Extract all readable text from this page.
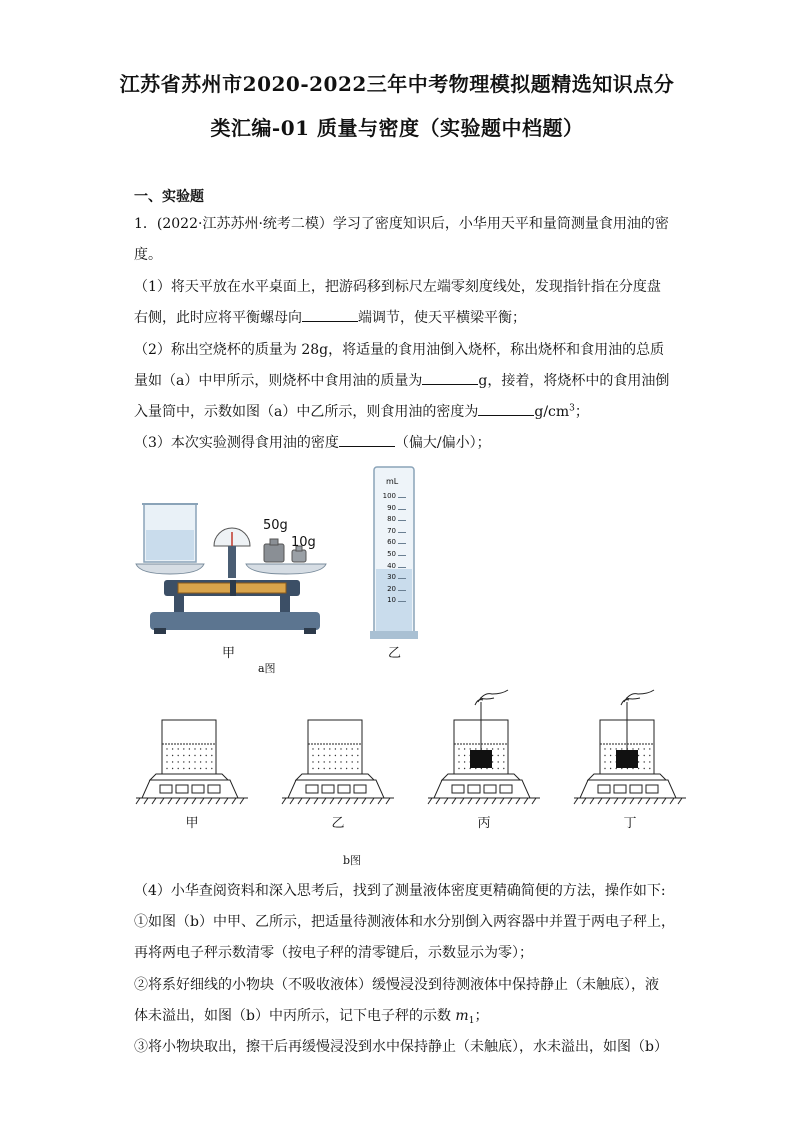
江苏省苏州市2020-2022三年中考物理模拟题精选知识点分
类汇编-01 质量与密度（实验题中档题）
一、实验题
1．(2022·江苏苏州·统考二模）学习了密度知识后，小华用天平和量筒测量食用油的密
度。
（1）将天平放在水平桌面上，把游码移到标尺左端零刻度线处，发现指针指在分度盘
右侧，此时应将平衡螺母向	端调节，使天平横梁平衡；
（2）称出空烧杯的质量为 28g，将适量的食用油倒入烧杯，称出烧杯和食用油的总质
量如（a）中甲所示，则烧杯中食用油的质量为	g，接着，将烧杯中的食用油倒
入量筒中，示数如图（a）中乙所示，则食用油的密度为	$g/cm^3$；
（3）本次实验测得食用油的密度	（偏大/偏小）；
50g
10g
mL
100
90
80
70
60
50
40
30
20
10
甲	乙
a图
甲	乙	丙	丁
b图
（4）小华查阅资料和深入思考后，找到了测量液体密度更精确简便的方法，操作如下:
①如图（b）中甲、乙所示，把适量待测液体和水分别倒入两容器中并置于两电子秤上，
再将两电子秤示数清零（按电子秤的清零键后，示数显示为零）；
②将系好细线的小物块（不吸收液体）缓慢浸没到待测液体中保持静止（未触底），液
体未溢出，如图（b）中丙所示，记下电子秤的示数 $m_1$；
③将小物块取出，擦干后再缓慢浸没到水中保持静止（未触底），水未溢出，如图（b）
